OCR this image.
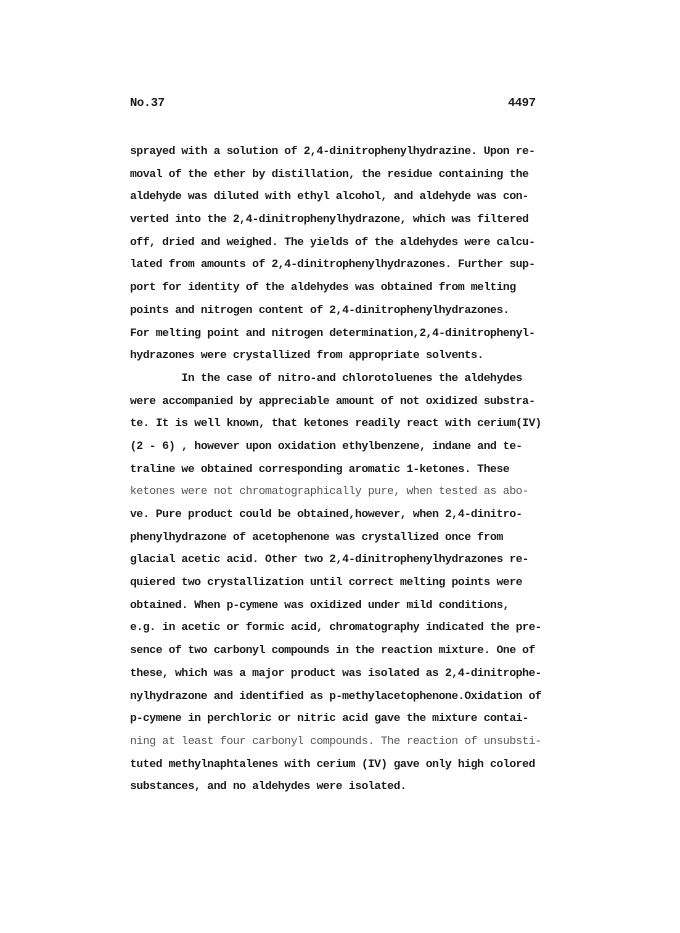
No.37	4497
sprayed with a solution of 2,4-dinitrophenylhydrazine. Upon re-
moval of the ether by distillation, the residue containing the
aldehyde was diluted with ethyl alcohol, and aldehyde was con-
verted into the 2,4-dinitrophenylhydrazone, which was filtered
off, dried and weighed. The yields of the aldehydes were calcu-
lated from amounts of 2,4-dinitrophenylhydrazones. Further sup-
port for identity of the aldehydes was obtained from melting
points and nitrogen content of 2,4-dinitrophenylhydrazones.
For melting point and nitrogen determination,2,4-dinitrophenyl-
hydrazones were crystallized from appropriate solvents.
In the case of nitro-and chlorotoluenes the aldehydes
were accompanied by appreciable amount of not oxidized substra-
te. It is well known, that ketones readily react with cerium(IV)
(2 - 6) , however upon oxidation ethylbenzene, indane and te-
traline we obtained corresponding aromatic 1-ketones. These
ketones were not chromatographically pure, when tested as abo-
ve. Pure product could be obtained,however, when 2,4-dinitro-
phenylhydrazone of acetophenone was crystallized once from
glacial acetic acid. Other two 2,4-dinitrophenylhydrazones re-
quiered two crystallization until correct melting points were
obtained. When p-cymene was oxidized under mild conditions,
e.g. in acetic or formic acid, chromatography indicated the pre-
sence of two carbonyl compounds in the reaction mixture. One of
these, which was a major product was isolated as 2,4-dinitrophe-
nylhydrazone and identified as p-methylacetophenone.Oxidation of
p-cymene in perchloric or nitric acid gave the mixture contai-
ning at least four carbonyl compounds. The reaction of unsubsti-
tuted methylnaphtalenes with cerium (IV) gave only high colored
substances, and no aldehydes were isolated.
